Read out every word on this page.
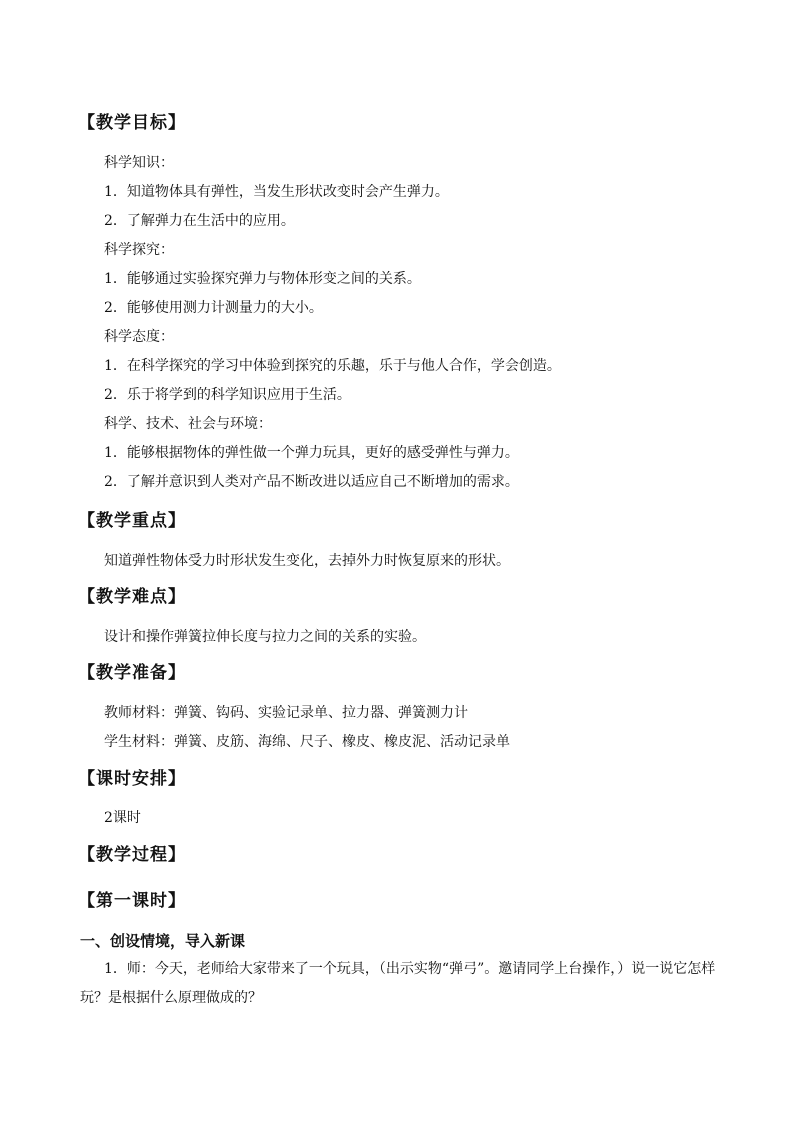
【教学目标】
科学知识：
1．知道物体具有弹性，当发生形状改变时会产生弹力。
2．了解弹力在生活中的应用。
科学探究：
1．能够通过实验探究弹力与物体形变之间的关系。
2．能够使用测力计测量力的大小。
科学态度：
1．在科学探究的学习中体验到探究的乐趣，乐于与他人合作，学会创造。
2．乐于将学到的科学知识应用于生活。
科学、技术、社会与环境：
1．能够根据物体的弹性做一个弹力玩具，更好的感受弹性与弹力。
2．了解并意识到人类对产品不断改进以适应自己不断增加的需求。
【教学重点】
知道弹性物体受力时形状发生变化，去掉外力时恢复原来的形状。
【教学难点】
设计和操作弹簧拉伸长度与拉力之间的关系的实验。
【教学准备】
教师材料：弹簧、钩码、实验记录单、拉力器、弹簧测力计
学生材料：弹簧、皮筋、海绵、尺子、橡皮、橡皮泥、活动记录单
【课时安排】
2课时
【教学过程】
【第一课时】
一、创设情境，导入新课
1．师：今天，老师给大家带来了一个玩具，（出示实物“弹弓”。邀请同学上台操作，）说一说它怎样玩？是根据什么原理做成的？
